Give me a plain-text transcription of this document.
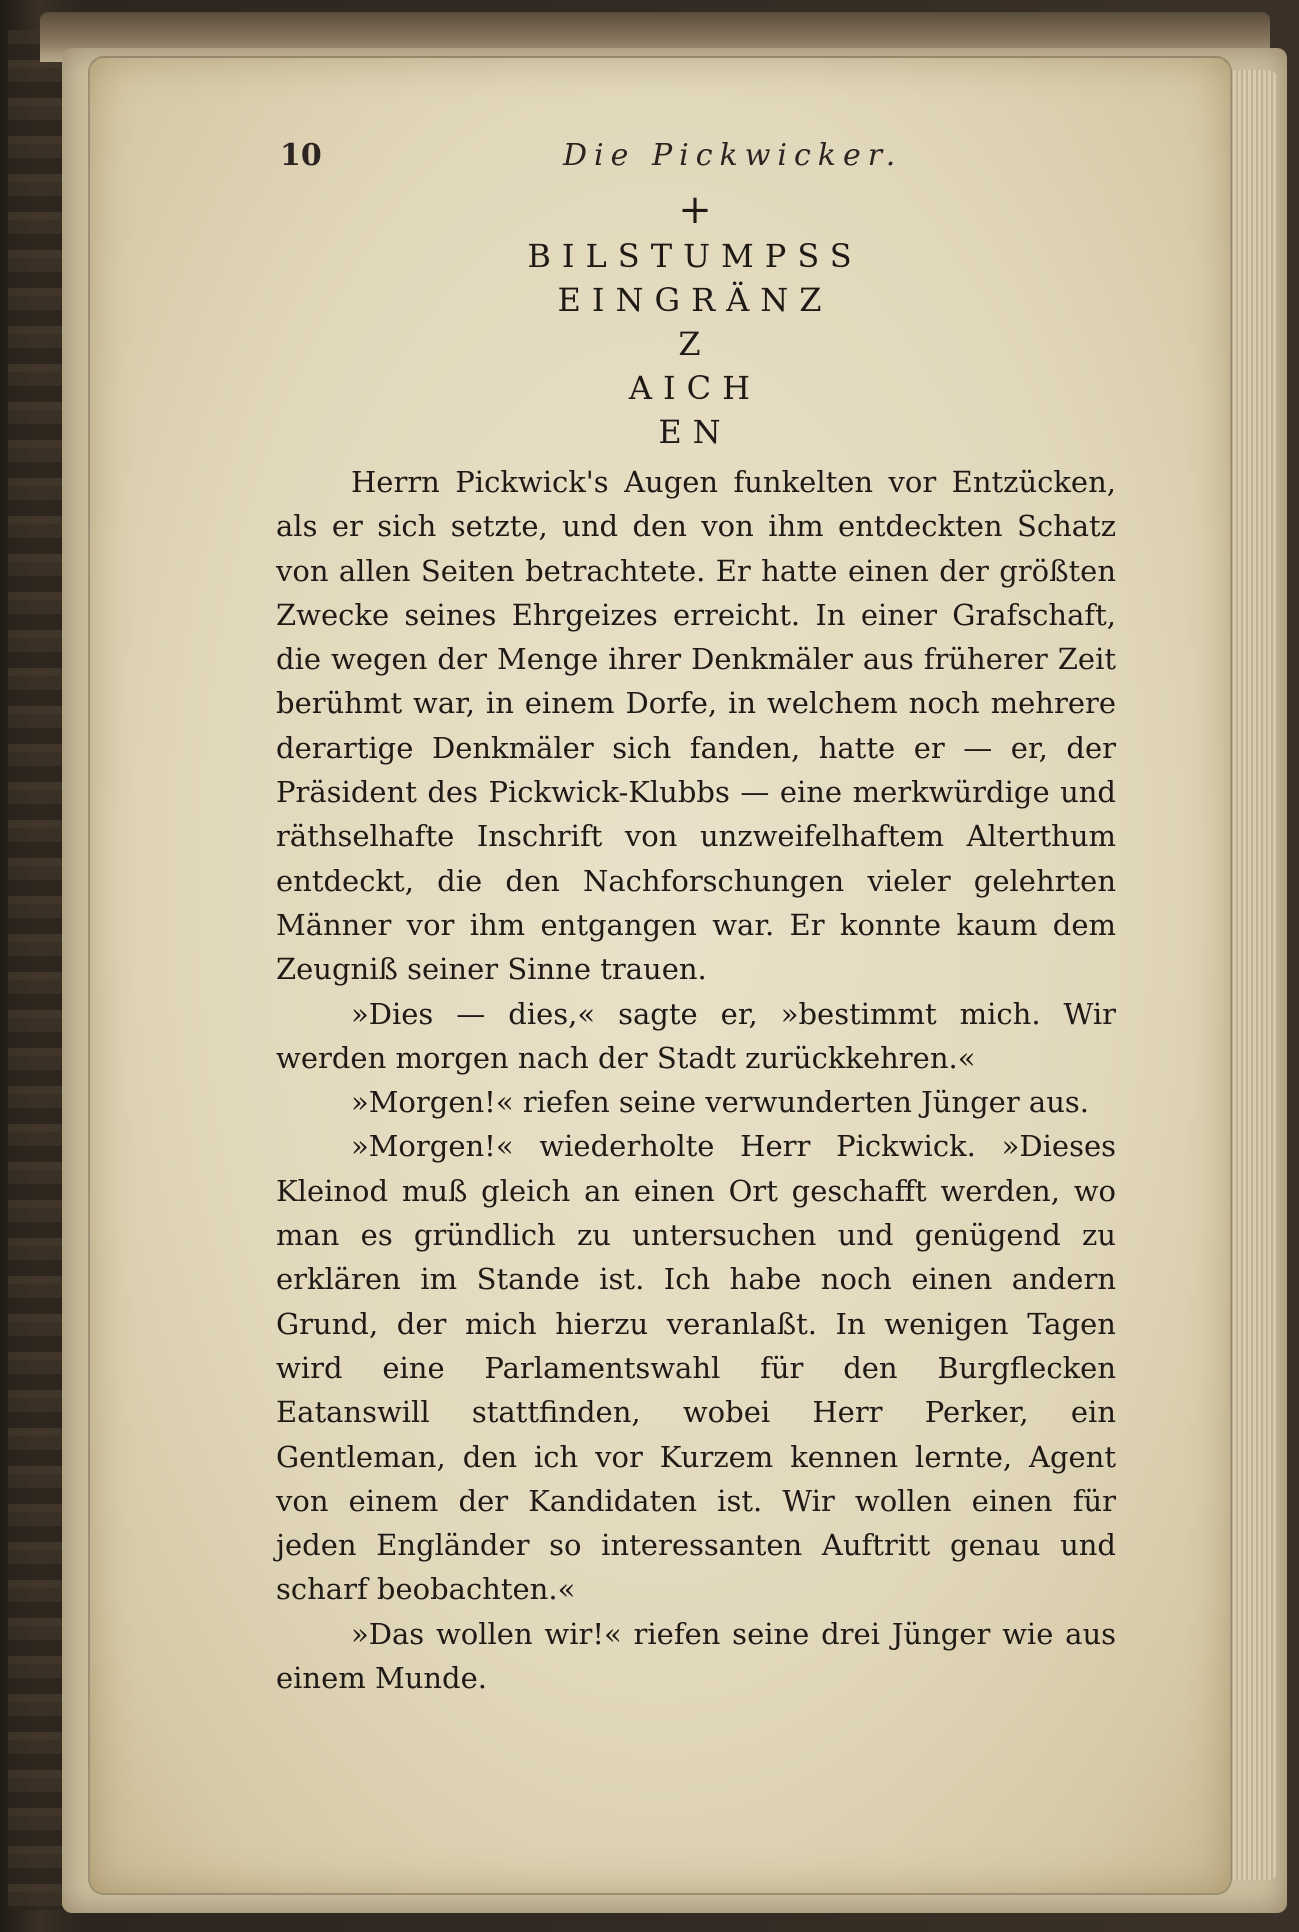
10	Die Pickwicker.
+
BILSTUMPSS
EINGRÄNZ
Z
AICH
EN

Herrn Pickwick's Augen funkelten vor Entzücken, als er sich setzte, und den von ihm entdeckten Schatz von allen Seiten betrachtete. Er hatte einen der größten Zwecke seines Ehrgeizes erreicht. In einer Grafschaft, die wegen der Menge ihrer Denkmäler aus früherer Zeit berühmt war, in einem Dorfe, in welchem noch mehrere derartige Denkmäler sich fanden, hatte er — er, der Präsident des Pickwick-Klubbs — eine merkwürdige und räthselhafte Inschrift von unzweifelhaftem Alterthum entdeckt, die den Nachforschungen vieler gelehrten Männer vor ihm entgangen war. Er konnte kaum dem Zeugniß seiner Sinne trauen.

»Dies — dies,« sagte er, »bestimmt mich. Wir werden morgen nach der Stadt zurückkehren.«

»Morgen!« riefen seine verwunderten Jünger aus.

»Morgen!« wiederholte Herr Pickwick. »Dieses Kleinod muß gleich an einen Ort geschafft werden, wo man es gründlich zu untersuchen und genügend zu erklären im Stande ist. Ich habe noch einen andern Grund, der mich hierzu veranlaßt. In wenigen Tagen wird eine Parlamentswahl für den Burgflecken Eatanswill stattfinden, wobei Herr Perker, ein Gentleman, den ich vor Kurzem kennen lernte, Agent von einem der Kandidaten ist. Wir wollen einen für jeden Engländer so interessanten Auftritt genau und scharf beobachten.«

»Das wollen wir!« riefen seine drei Jünger wie aus einem Munde.
